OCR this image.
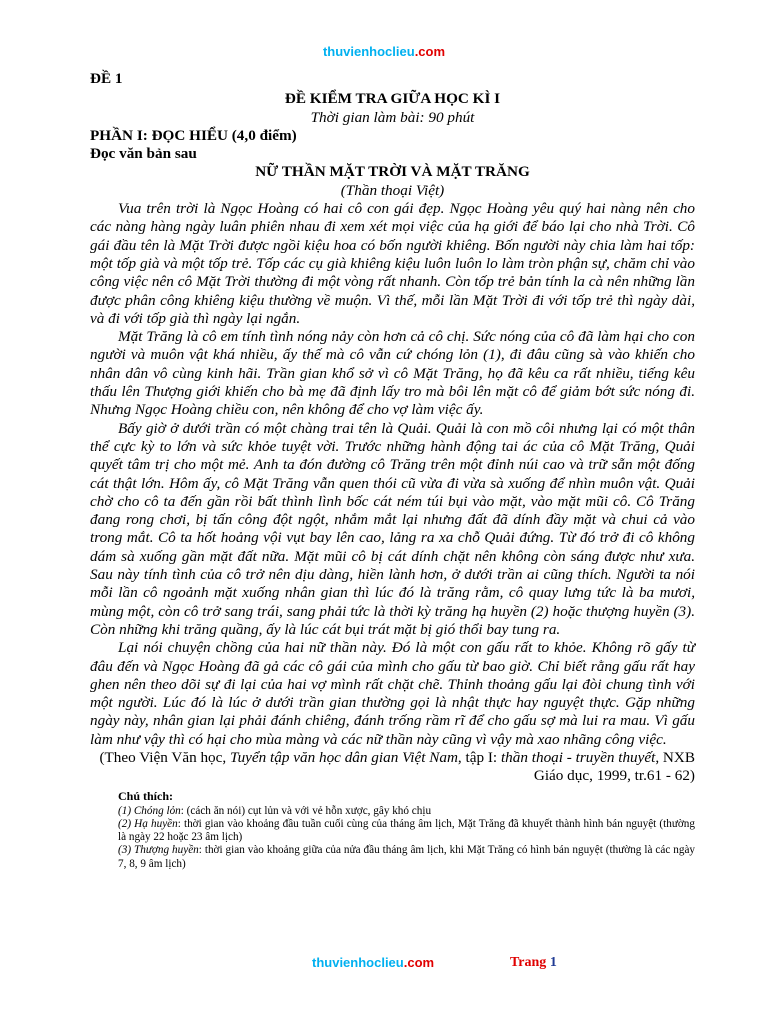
thuvienhoclieu.com

ĐỀ 1

ĐỀ KIỂM TRA GIỮA HỌC KÌ I

Thời gian làm bài: 90 phút

PHẦN I: ĐỌC HIỂU (4,0 điểm)

Đọc văn bản sau

NỮ THẦN MẶT TRỜI VÀ MẶT TRĂNG

(Thần thoại Việt)

Vua trên trời là Ngọc Hoàng có hai cô con gái đẹp. Ngọc Hoàng yêu quý hai nàng nên cho các nàng hàng ngày luân phiên nhau đi xem xét mọi việc của hạ giới để báo lại cho nhà Trời. Cô gái đầu tên là Mặt Trời được ngồi kiệu hoa có bốn người khiêng. Bốn người này chia làm hai tốp: một tốp già và một tốp trẻ. Tốp các cụ già khiêng kiệu luôn luôn lo làm tròn phận sự, chăm chỉ vào công việc nên cô Mặt Trời thường đi một vòng rất nhanh. Còn tốp trẻ bản tính la cà nên những lần được phân công khiêng kiệu thường về muộn. Vì thế, mỗi lần Mặt Trời đi với tốp trẻ thì ngày dài, và đi với tốp già thì ngày lại ngắn.

Mặt Trăng là cô em tính tình nóng nảy còn hơn cả cô chị. Sức nóng của cô đã làm hại cho con người và muôn vật khá nhiều, ấy thế mà cô vẫn cứ chóng lỏn (1), đi đâu cũng sà vào khiến cho nhân dân vô cùng kinh hãi. Trần gian khổ sở vì cô Mặt Trăng, họ đã kêu ca rất nhiều, tiếng kêu thấu lên Thượng giới khiến cho bà mẹ đã định lấy tro mà bôi lên mặt cô để giảm bớt sức nóng đi. Nhưng Ngọc Hoàng chiều con, nên không để cho vợ làm việc ấy.

Bấy giờ ở dưới trần có một chàng trai tên là Quải. Quải là con mồ côi nhưng lại có một thân thể cực kỳ to lớn và sức khỏe tuyệt vời. Trước những hành động tai ác của cô Mặt Trăng, Quải quyết tâm trị cho một mẻ. Anh ta đón đường cô Trăng trên một đỉnh núi cao và trữ sẵn một đống cát thật lớn. Hôm ấy, cô Mặt Trăng vẫn quen thói cũ vừa đi vừa sà xuống để nhìn muôn vật. Quải chờ cho cô ta đến gần rồi bất thình lình bốc cát ném túi bụi vào mặt, vào mặt mũi cô. Cô Trăng đang rong chơi, bị tấn công đột ngột, nhắm mắt lại nhưng đất đã dính đầy mặt và chui cả vào trong mắt. Cô ta hốt hoảng vội vụt bay lên cao, lảng ra xa chỗ Quải đứng. Từ đó trở đi cô không dám sà xuống gần mặt đất nữa. Mặt mũi cô bị cát dính chặt nên không còn sáng được như xưa. Sau này tính tình của cô trở nên dịu dàng, hiền lành hơn, ở dưới trần ai cũng thích. Người ta nói mỗi lần cô ngoảnh mặt xuống nhân gian thì lúc đó là trăng rằm, cô quay lưng tức là ba mươi, mùng một, còn cô trở sang trái, sang phải tức là thời kỳ trăng hạ huyền (2) hoặc thượng huyền (3). Còn những khi trăng quầng, ấy là lúc cát bụi trát mặt bị gió thổi bay tung ra.

Lại nói chuyện chồng của hai nữ thần này. Đó là một con gấu rất to khỏe. Không rõ gấy từ đâu đến và Ngọc Hoàng đã gả các cô gái của mình cho gấu từ bao giờ. Chỉ biết rằng gấu rất hay ghen nên theo dõi sự đi lại của hai vợ mình rất chặt chẽ. Thỉnh thoảng gấu lại đòi chung tình với một người. Lúc đó là lúc ở dưới trần gian thường gọi là nhật thực hay nguyệt thực. Gặp những ngày này, nhân gian lại phải đánh chiêng, đánh trống rầm rĩ để cho gấu sợ mà lui ra mau. Vì gấu làm như vậy thì có hại cho mùa màng và các nữ thần này cũng vì vậy mà xao nhãng công việc.

(Theo Viện Văn học, Tuyển tập văn học dân gian Việt Nam, tập I: thần thoại - truyền thuyết, NXB Giáo dục, 1999, tr.61 - 62)

Chú thích:
(1) Chóng lỏn: (cách ăn nói) cụt lủn và với vẻ hỗn xược, gây khó chịu
(2) Hạ huyền: thời gian vào khoảng đầu tuần cuối cùng của tháng âm lịch, Mặt Trăng đã khuyết thành hình bán nguyệt (thường là ngày 22 hoặc 23 âm lịch)
(3) Thượng huyền: thời gian vào khoảng giữa của nửa đầu tháng âm lịch, khi Mặt Trăng có hình bán nguyệt (thường là các ngày 7, 8, 9 âm lịch)
thuvienhoclieu.com	Trang 1
